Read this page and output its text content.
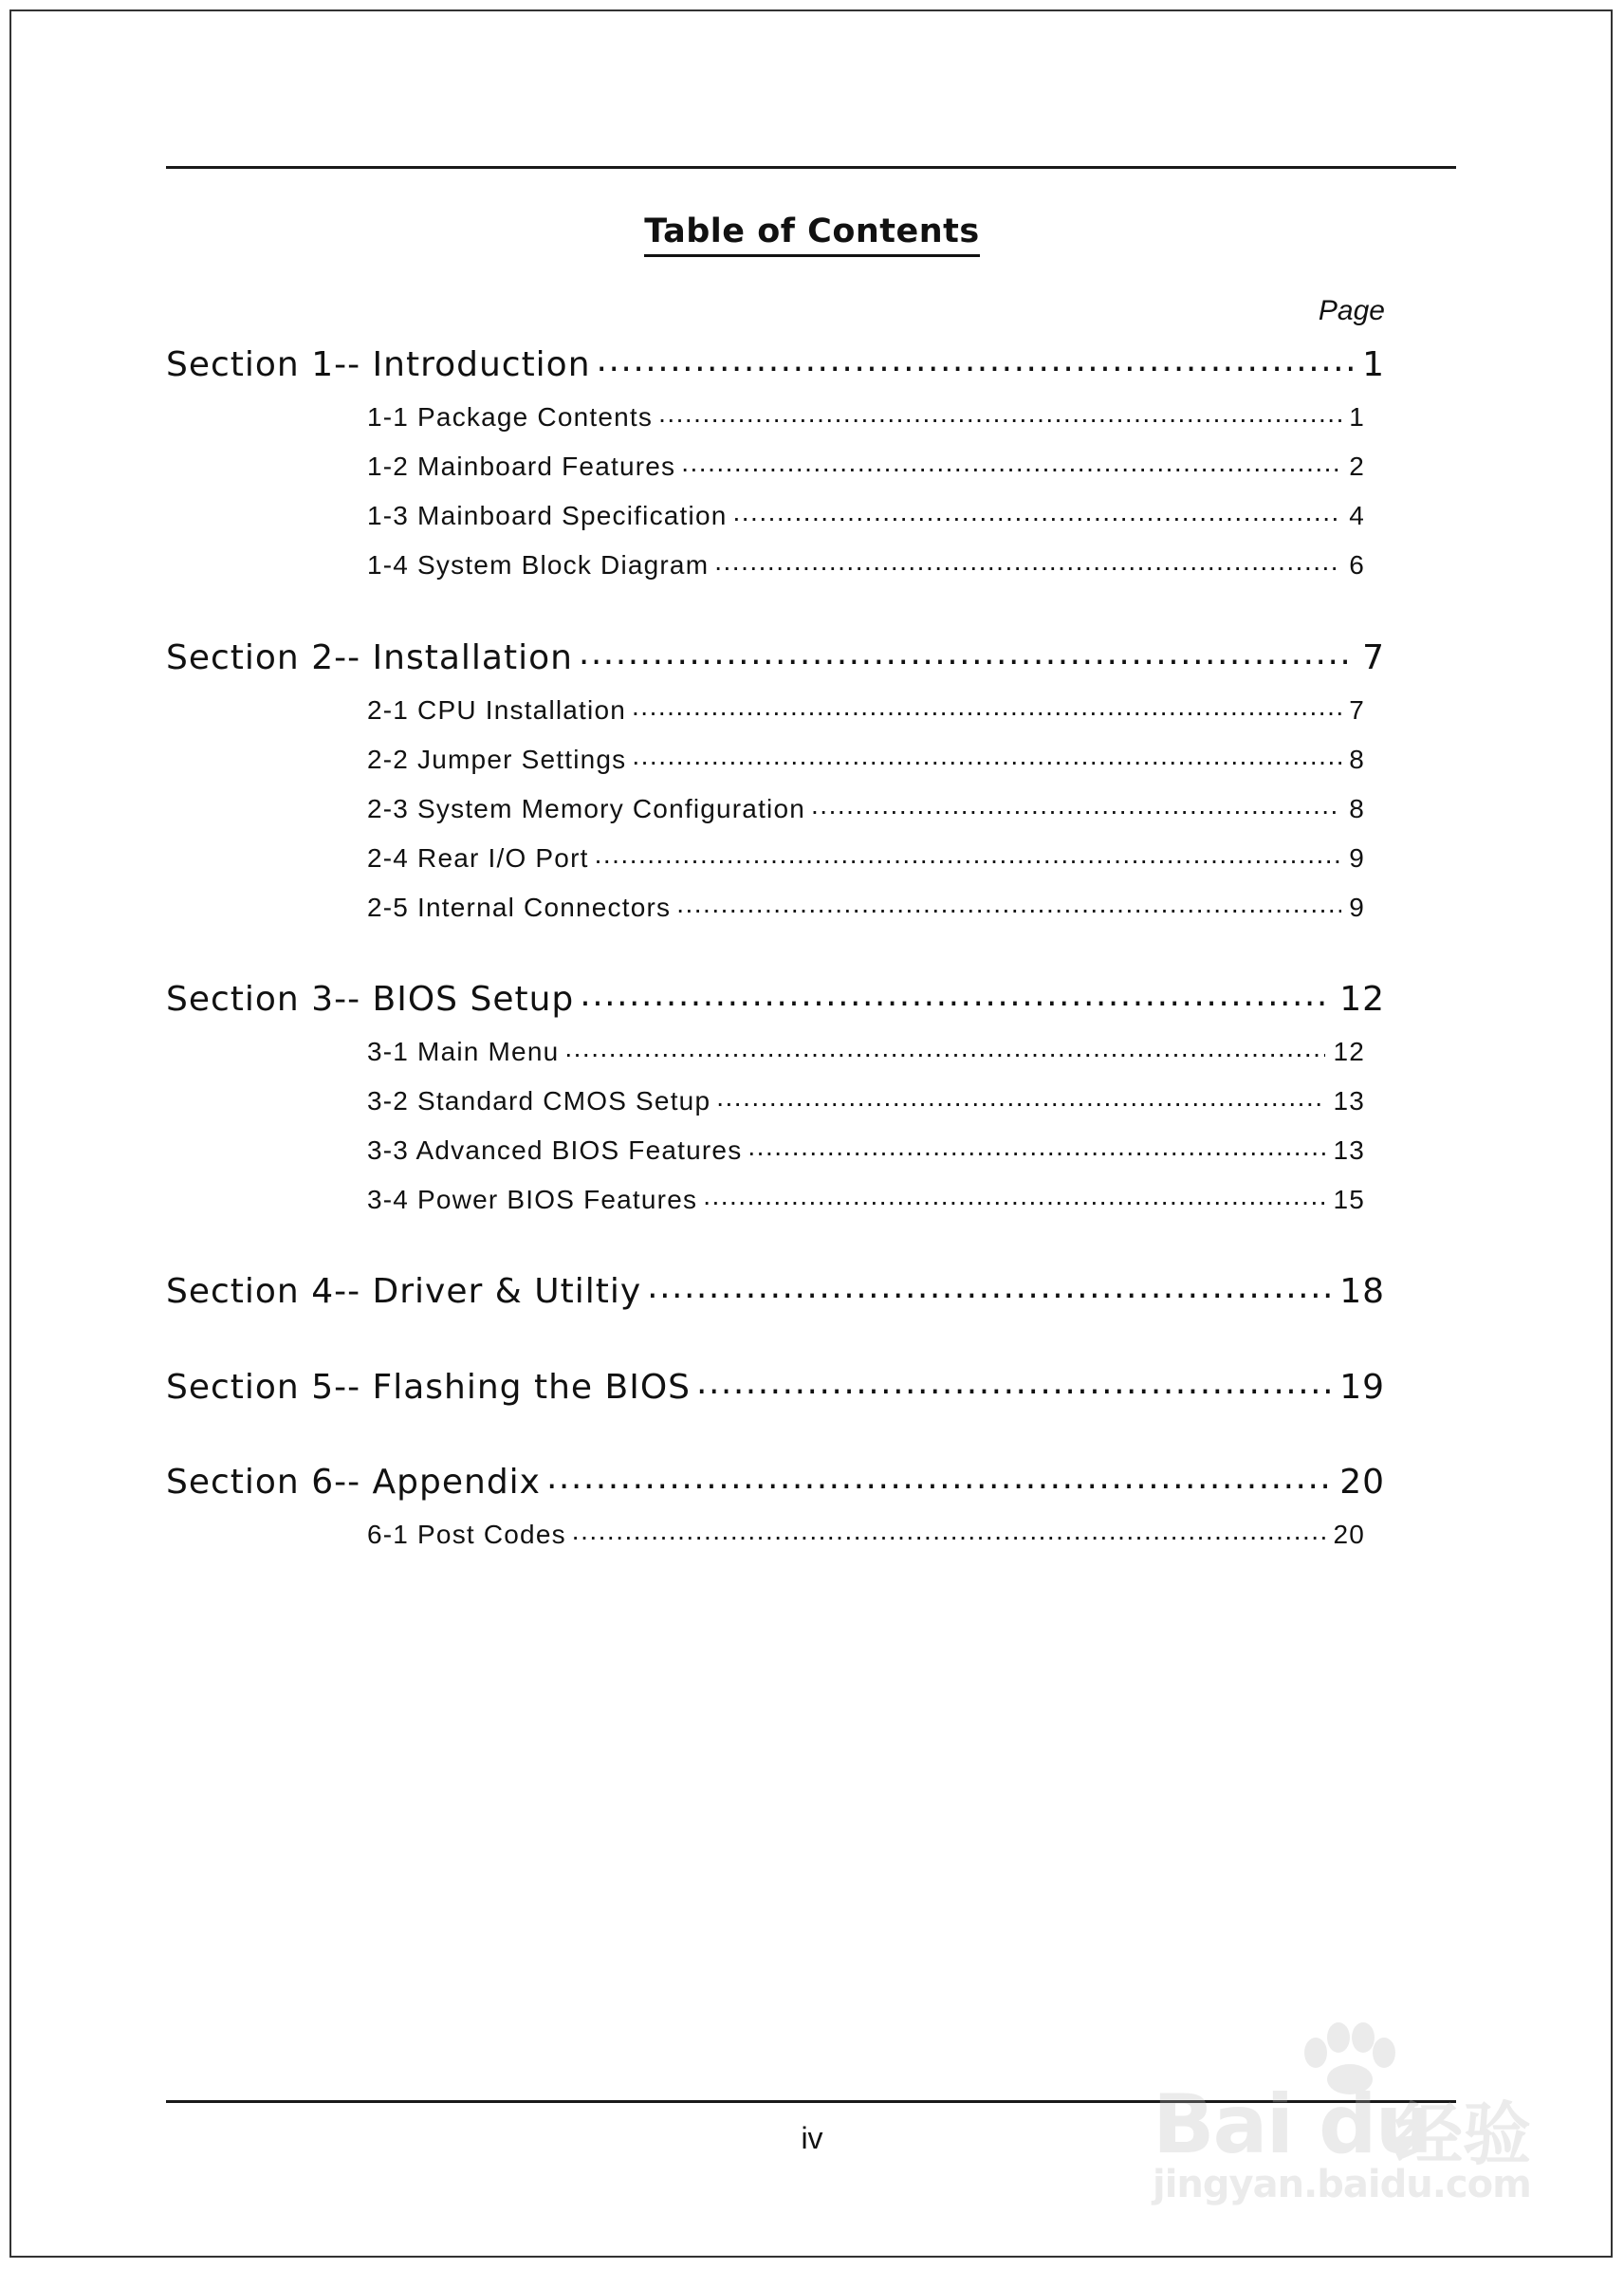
Table of Contents
Page
Section 1-- Introduction .....	1
1-1 Package Contents .....	1
1-2 Mainboard Features .....	2
1-3 Mainboard Specification .....	4
1-4 System Block Diagram .....	6
Section 2-- Installation .....	7
2-1 CPU Installation .....	7
2-2 Jumper Settings .....	8
2-3 System Memory Configuration .....	8
2-4 Rear I/O Port .....	9
2-5 Internal Connectors .....	9
Section 3-- BIOS Setup .....	12
3-1 Main Menu .....	12
3-2 Standard CMOS Setup .....	13
3-3 Advanced BIOS Features .....	13
3-4 Power BIOS Features .....	15
Section 4-- Driver & Utiltiy .....	18
Section 5-- Flashing the BIOS .....	19
Section 6-- Appendix .....	20
6-1 Post Codes .....	20
iv	Bai du
经验
jingyan.baidu.com
